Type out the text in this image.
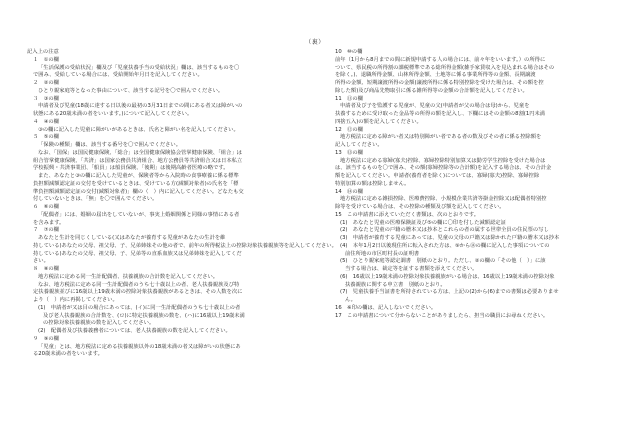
（裏）
記入上の注意
１　①の欄
「生活保護の受給状況」欄及び「児童扶養手当の受給状況」欄は、該当するものを〇
で囲み、受給している場合には、受給開始年月日を記入してください。
２　②の欄
ひとり親家庭等となった事由について、該当する記号を〇で囲んでください。
３　③の欄
申請者及び児童(18歳に達する日以後の最初の3月31日までの間にある者又は障がいの
状態にある20歳未満の者をいいます。)について記入してください。
４　④の欄
③の欄に記入した児童に障がいがあるときは、氏名と障がい名を記入してください。
５　⑤の欄
「保険の種類」欄は、該当する番号を〇で囲んでください。
なお、「国保」は国民健康保険、「総合」は全国健康保険協会管掌健康保険、「組合」は
組合管掌健康保険、「共済」は国家公務員共済組合、地方公務員等共済組合又は日本私立
学校振興・共済事業団、「船員」は船員保険、「後期」は後期高齢者医療の略です。
また、あなたと③の欄に記入した児童が、保険者等から入院時の食事療養に係る標準
負担額減額認定証の交付を受けているときは、受けている方(減額対象者)の氏名を「標
準負担額減額認定証の交付(減額対象者)」欄の（　）内に記入してください。どなたも交
付していないときは、「無」を〇で囲んでください。
６　⑥の欄
「配偶者」には、婚姻の届出をしていないが、事実上婚姻関係と同様の事情にある者
を含みます。
７　⑦の欄
あなたと生計を同じくしている(又はあなたが養育する児童があなたの生計を維
持している)あなたの父母、祖父母、子、兄弟姉妹その他の者で、前年の所得税法上の控除対象扶養親族等を記入してください。
持している)あなたの父母、祖父母、子、兄弟等の直系血族又は兄弟姉妹を記入してくだ
さい。
８　⑧の欄
地方税法に定める同一生計配偶者、扶養親族の合計数を記入してください。
なお、地方税法に定める同一生計配偶者のうち七十歳以上の者、老人扶養親族及び特
定扶養親族並びに16歳以上19歳未満の控除対象扶養親族があるときは、その人数を次に
より（　）内に再掲してください。
(1)　申請者が又は目の場合にあっては、(イ)に同一生計配偶者のうち七十歳以上の者
及び老人扶養親族の合計数を、(ロ)に特定扶養親族の数を、(ハ)に16歳以上19歳未満
の控除対象扶養親族の数を記入してください。
(2)　配偶者及び扶養義務者については、老人扶養親族の数を記入してください。
９　⑨の欄
「児童」とは、地方税法に定める扶養親族以外の18歳未満の者又は障がいの状態にあ
る20歳未満の者をいいます。
10　⑩の欄
前年（1月から8月までの間に新規申請する人の場合には、前々年をいいます。）の所得に
ついて、県民税の所得割の課税標準である総所得金額(雑手家賃収入を見込まれる場合はその
を除く。)、退職所得金額、山林所得金額、土地等に係る事業所得等の金額、長期譲渡
所得の金額、短期譲渡所得の金額(譲渡所得に係る特別控除を受けた場合は、その額を控
除した額)及び商品先物取引に係る雑所得等の金額の合計額を記入してください。
11　⑪の欄
申請者及び子を監護する児童が、児童の父(申請者が父の場合は母)から、児童を
扶養するために受け取った金品等の所得の額を記入し、下欄にはその金額の8割(1円未満
四捨五入)の額を記入してください。
12　⑫の欄
地方税法に定める障がい者又は特別障がい者である者の数及びその者に係る控除額を
記入してください。
13　⑬の欄
地方税法に定める寡婦(寡夫)控除、寡婦控除特別加算又は勤労学生控除を受けた場合は
は、該当するものを〇で囲み、その額(寡婦控除等の合計額)を記入する場合は、その合計金
額を記入してください。申請者(養育者を除く)については、寡婦(寡夫)控除、寡婦控除
特別加算の額は控除しません。
14　⑭の欄
地方税法に定める雑損控除、医療費控除、小規模企業共済等掛金控除又は配偶者特別控
除等を受けている場合は、その控除の種類及び額を記入してください。
15　この申請書に添えていただく書類は、次のとおりです。
(1)　あなたと児童の医療保険証及び⑤の欄に〇印を付した減額認定証
(2)　あなたと児童の戸籍の謄本又は抄本とこれらの者の属する世帯全員の住民票の写し
(3)　申請者が養育する児童にあっては、児童の父母の戸籍又は除かれた戸籍の謄本又は抄本
(4)　本年1月2日以後現住所に転入された方は、⑨から⑭の欄に記入した事項についての
前住所地の市区町村長の証明書
(5)　ひとり親家庭等認定調書　別紙のとおり。ただし、②の欄の「その他（　）」に該
当する場合は、裁定等を証する書類を添えてください。
(6)　16歳以上19歳未満の控除対象扶養親族がいる場合は、16歳以上19歳未満の控除対象
扶養親族に関する申立書　別紙のとおり。
(7)　児童扶養手当証書を所持されている方は、上記の(2)から(6)までの書類は必要ありませ
ん。
16　※印の欄は、記入しないでください。
17　この申請書について分からないことがありましたら、担当の職員にお尋ねください。
